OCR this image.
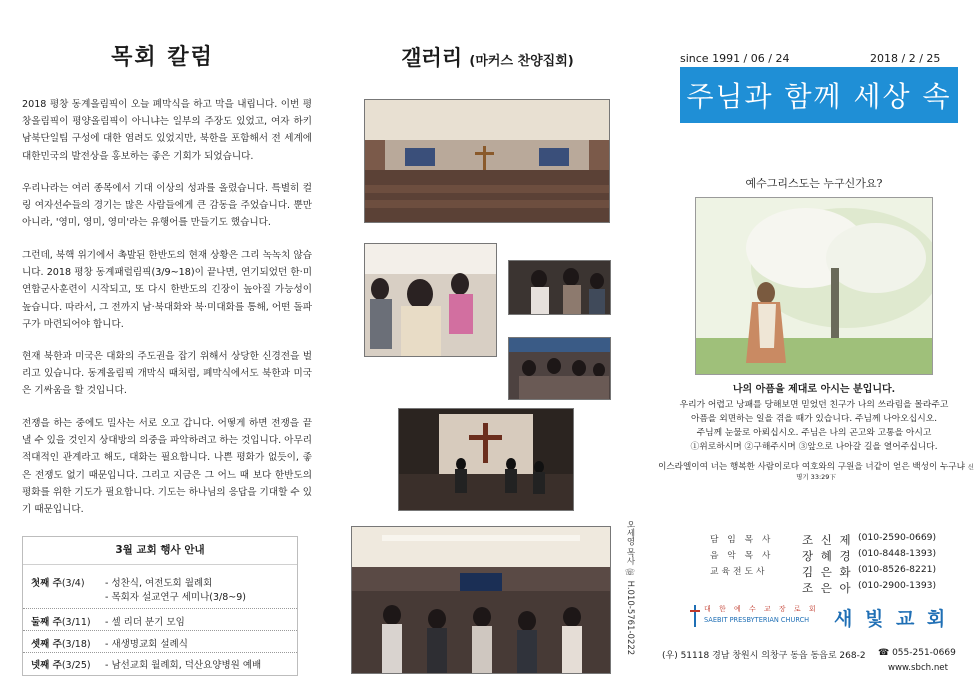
목회 칼럼
2018 평창 동계올림픽이 오늘 폐막식을 하고 막을 내립니다. 이번 평창올림픽이 평양올림픽이 아니냐는 일부의 주장도 있었고, 여자 하키 남북단일팀 구성에 대한 염려도 있었지만, 북한을 포함해서 전 세계에 대한민국의 발전상을 홍보하는 좋은 기회가 되었습니다.
우리나라는 여러 종목에서 기대 이상의 성과를 올렸습니다. 특별히 컬링 여자선수들의 경기는 많은 사람들에게 큰 감동을 주었습니다. 뿐만 아니라, '영미, 영미, 영미'라는 유행어를 만들기도 했습니다.
그런데, 북핵 위기에서 촉발된 한반도의 현재 상황은 그리 녹녹치 않습니다. 2018 평창 동계패럴림픽(3/9~18)이 끝나면, 연기되었던 한·미 연합군사훈련이 시작되고, 또 다시 한반도의 긴장이 높아질 가능성이 높습니다. 따라서, 그 전까지 남·북대화와 북·미대화를 통해, 어떤 돌파구가 마련되어야 합니다.
현재 북한과 미국은 대화의 주도권을 잡기 위해서 상당한 신경전을 벌리고 있습니다. 동계올림픽 개막식 때처럼, 폐막식에서도 북한과 미국은 기싸움을 할 것입니다.
전쟁을 하는 중에도 밀사는 서로 오고 갑니다. 어떻게 하면 전쟁을 끝낼 수 있을 것인지 상대방의 의중을 파악하려고 하는 것입니다. 아무리 적대적인 관계라고 해도, 대화는 필요합니다. 나쁜 평화가 없듯이, 좋은 전쟁도 없기 때문입니다. 그리고 지금은 그 어느 때 보다 한반도의 평화를 위한 기도가 필요합니다. 기도는 하나님의 응답을 기대할 수 있기 때문입니다.
3월 교회 행사 안내
첫째 주(3/4)	- 성찬식, 여전도회 월례회
- 목회자 설교연구 세미나(3/8~9)
둘째 주(3/11)	- 셀 리더 분기 모임
셋째 주(3/18)	- 새생명교회 설례식
넷째 주(3/25)	- 남선교회 월례회, 덕산요양병원 예배
갤러리 (마커스 찬양집회)
오세영 목사 ☏ H.010-5761-0222
since 1991 / 06 / 24	2018 / 2 / 25
주님과 함께 세상 속으로
예수그리스도는 누구신가요?
나의 아픔을 제대로 아시는 분입니다.
우리가 어렵고 낭패를 당해보면 믿었던 친구가 나의 쓰라림을 몰라주고
아픔을 외면하는 일을 겪을 때가 있습니다. 주님께 나아오십시오.
주님께 눈물로 아뢰십시오. 주님은 나의 곤고와 고통을 아시고
①위로하시며 ②구해주시며 ③앞으로 나아갈 길을 열어주십니다.
이스라엘이여 너는 행복한 사람이로다 여호와의 구원을 너같이 얻은 백성이 누구냐 신명기 33:29下
담 임 목 사	조 신 제 (010-2590-0669)
음 악 목 사	장 혜 경 (010-8448-1393)
교육전도사	김 은 화 (010-8526-8221)
조 은 아 (010-2900-1393)
대 한 예 수 교 장 로 회
SAEBIT PRESBYTERIAN CHURCH 새 빛 교 회
(우) 51118 경남 창원시 의창구 동읍 동읍로 268-2 ☎ 055-251-0669
www.sbch.net
